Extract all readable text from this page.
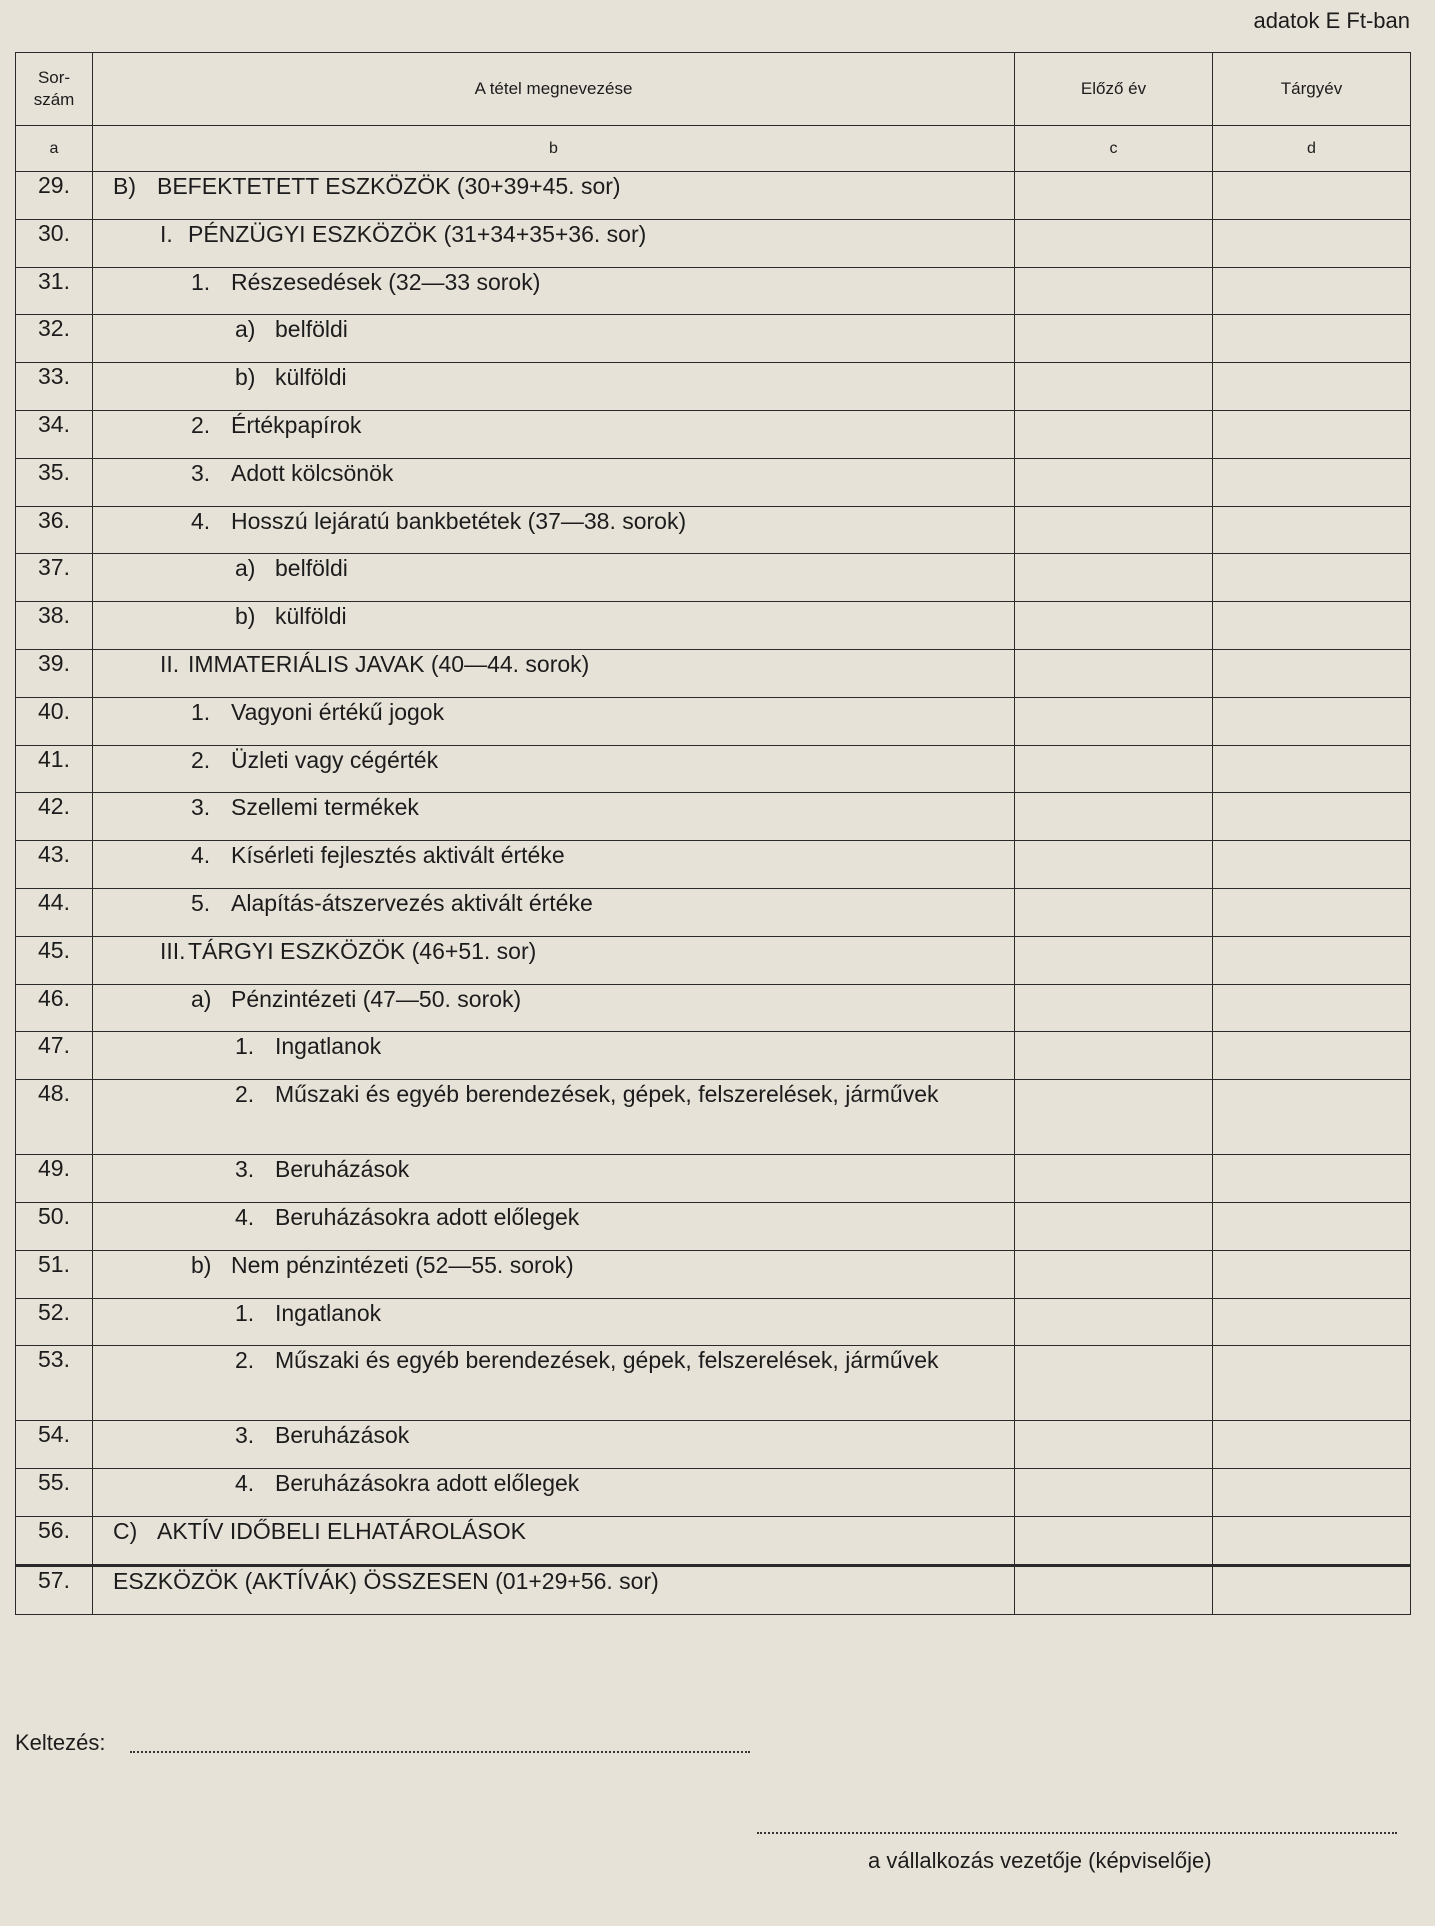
adatok E Ft-ban
Sor-
szám	A tétel megnevezése	Előző év	Tárgyév
a	b	c	d
29.	B) BEFEKTETETT ESZKÖZÖK (30+39+45. sor)		

30.	I. PÉNZÜGYI ESZKÖZÖK (31+34+35+36. sor)		

31.	1. Részesedések (32—33 sorok)		

32.	a) belföldi		

33.	b) külföldi		

34.	2. Értékpapírok		

35.	3. Adott kölcsönök		

36.	4. Hosszú lejáratú bankbetétek (37—38. sorok)		

37.	a) belföldi		

38.	b) külföldi		

39.	II. IMMATERIÁLIS JAVAK (40—44. sorok)		

40.	1. Vagyoni értékű jogok		

41.	2. Üzleti vagy cégérték		

42.	3. Szellemi termékek		

43.	4. Kísérleti fejlesztés aktivált értéke		

44.	5. Alapítás-átszervezés aktivált értéke		

45.	III. TÁRGYI ESZKÖZÖK (46+51. sor)		

46.	a) Pénzintézeti (47—50. sorok)		

47.	1. Ingatlanok		

48.	2. Műszaki és egyéb berendezések, gépek, felszerelések, járművek		

49.	3. Beruházások		

50.	4. Beruházásokra adott előlegek		

51.	b) Nem pénzintézeti (52—55. sorok)		

52.	1. Ingatlanok		

53.	2. Műszaki és egyéb berendezések, gépek, felszerelések, járművek		

54.	3. Beruházások		

55.	4. Beruházásokra adott előlegek		

56.	C) AKTÍV IDŐBELI ELHATÁROLÁSOK		

57.	ESZKÖZÖK (AKTÍVÁK) ÖSSZESEN (01+29+56. sor)		

Keltezés:
a vállalkozás vezetője (képviselője)
